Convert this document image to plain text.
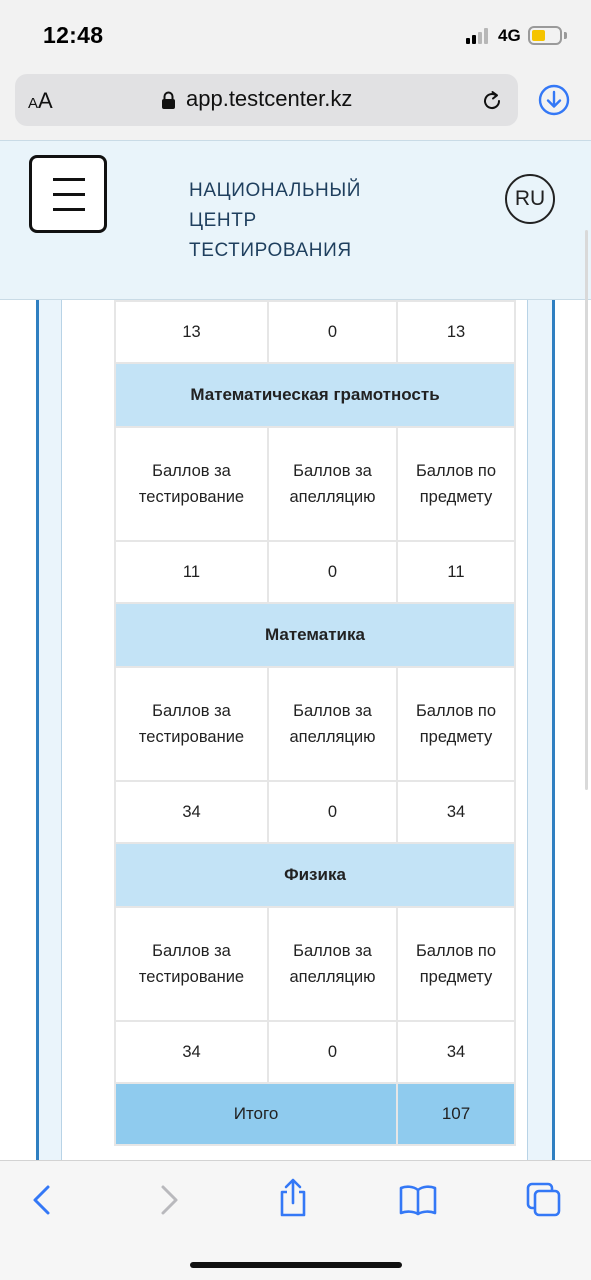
12:48	4G
AA	app.testcenter.kz
НАЦИОНАЛЬНЫЙ
ЦЕНТР
ТЕСТИРОВАНИЯ
RU

13	0	13
Математическая грамотность		
Баллов за тестирование	Баллов за апелляцию	Баллов по предмету
11	0	11
Математика		
Баллов за тестирование	Баллов за апелляцию	Баллов по предмету
34	0	34
Физика		
Баллов за тестирование	Баллов за апелляцию	Баллов по предмету
34	0	34
Итого		107
